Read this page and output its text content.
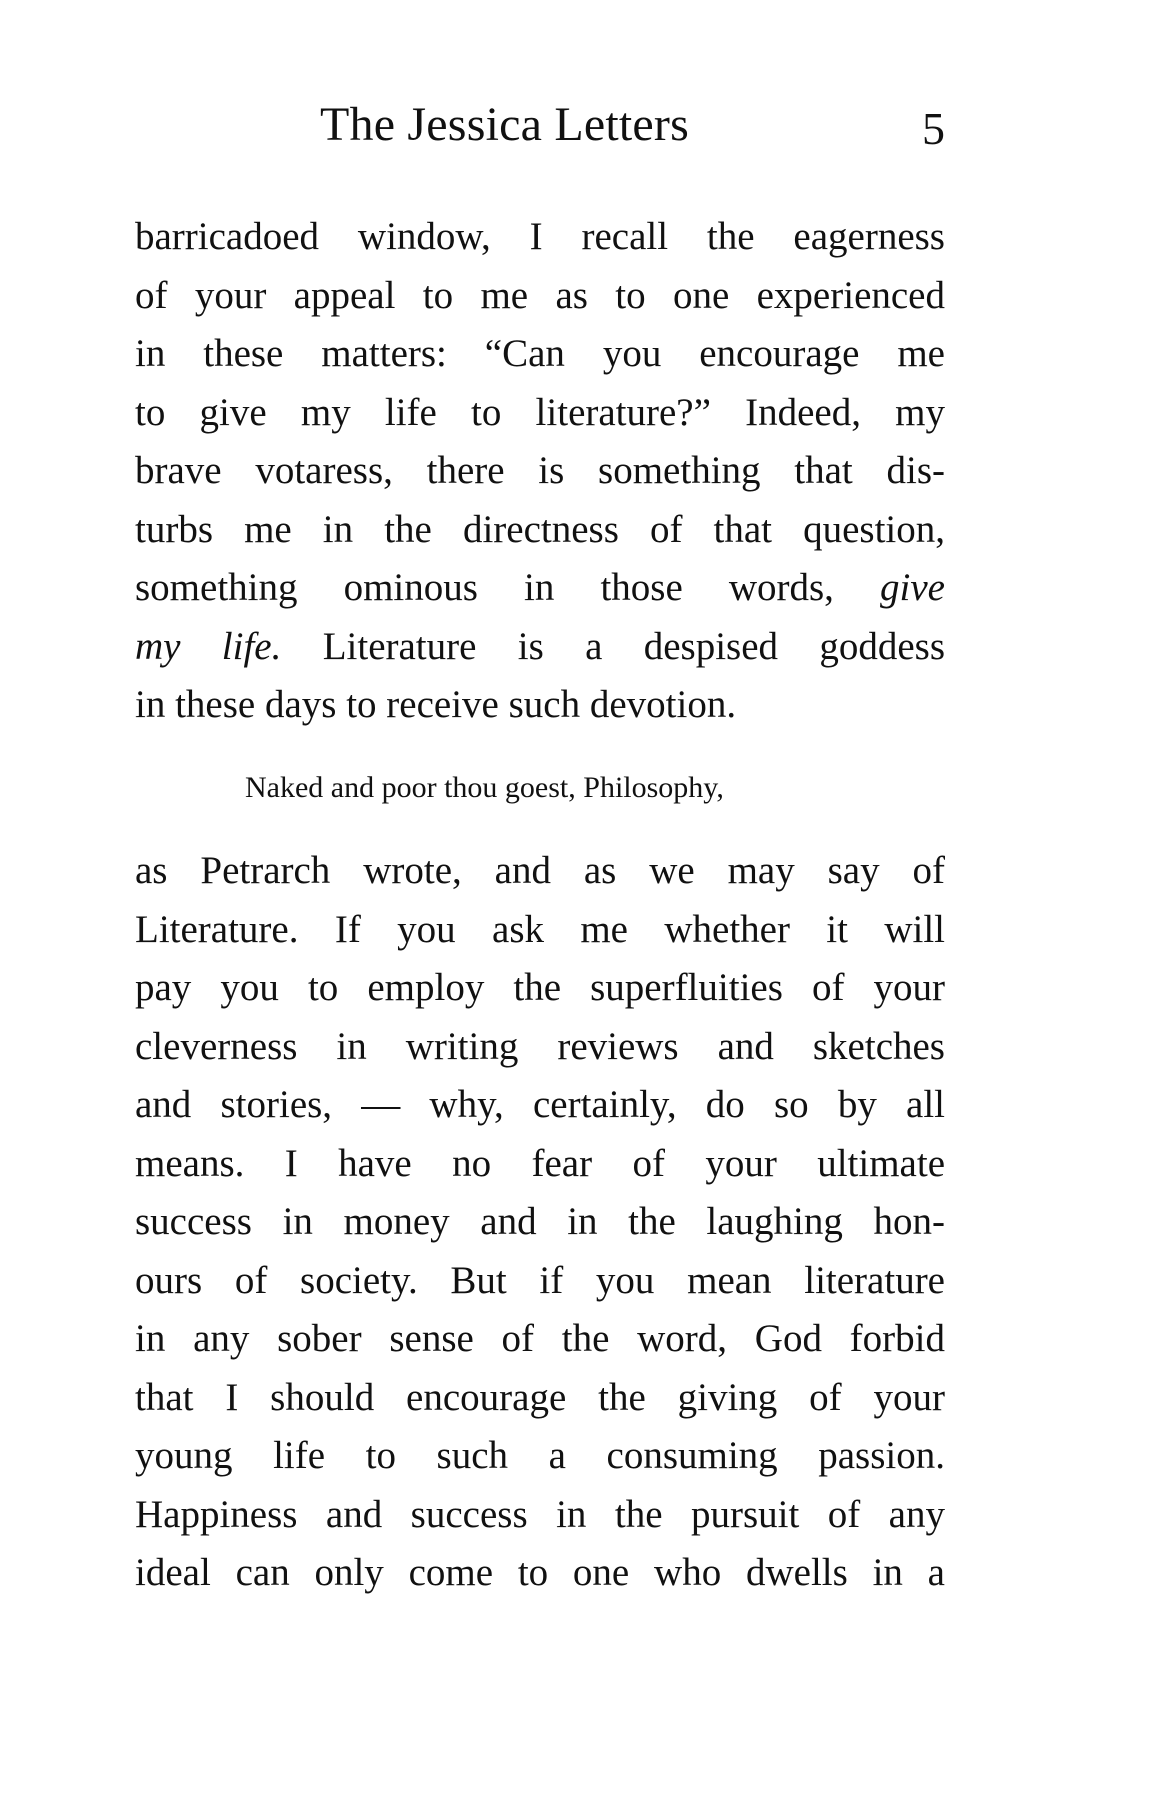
The Jessica Letters	5
barricadoed window, I recall the eagerness
of your appeal to me as to one experienced
in these matters: “Can you encourage me
to give my life to literature?” Indeed, my
brave votaress, there is something that dis-
turbs me in the directness of that question,
something ominous in those words, give
my life. Literature is a despised goddess
in these days to receive such devotion.
Naked and poor thou goest, Philosophy,
as Petrarch wrote, and as we may say of
Literature. If you ask me whether it will
pay you to employ the superfluities of your
cleverness in writing reviews and sketches
and stories, — why, certainly, do so by all
means. I have no fear of your ultimate
success in money and in the laughing hon-
ours of society. But if you mean literature
in any sober sense of the word, God forbid
that I should encourage the giving of your
young life to such a consuming passion.
Happiness and success in the pursuit of any
ideal can only come to one who dwells in a
